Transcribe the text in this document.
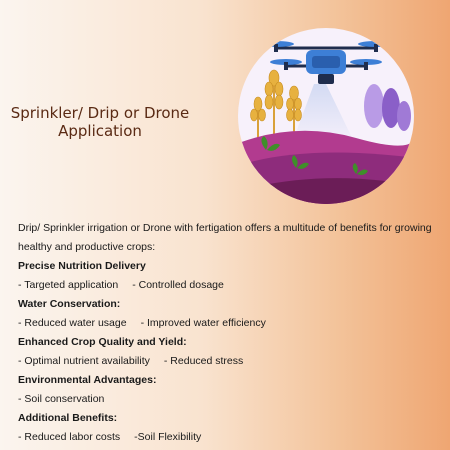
Sprinkler/ Drip or Drone
Application
Drip/ Sprinkler irrigation or Drone with fertigation offers a multitude of benefits for growing
healthy and productive crops:
Precise Nutrition Delivery
- Targeted application - Controlled dosage
Water Conservation:
- Reduced water usage - Improved water efficiency
Enhanced Crop Quality and Yield:
- Optimal nutrient availability - Reduced stress
Environmental Advantages:
- Soil conservation
Additional Benefits:
- Reduced labor costs -Soil Flexibility
